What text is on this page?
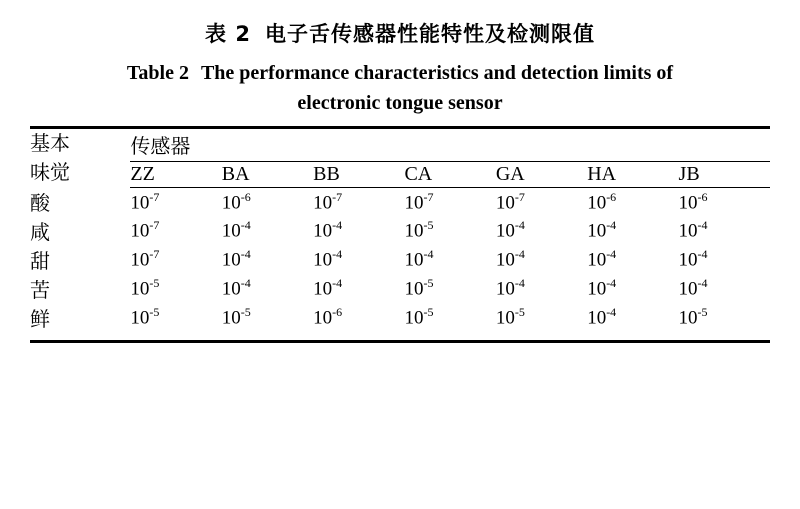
表 2 电子舌传感器性能特性及检测限值
Table 2 The performance characteristics and detection limits of
electronic tongue sensor
基本
味觉	传感器						
	ZZ	BA	BB	CA	GA	HA	JB
酸	$10^{-7}$	$10^{-6}$	$10^{-7}$	$10^{-7}$	$10^{-7}$	$10^{-6}$	$10^{-6}$
咸	$10^{-7}$	$10^{-4}$	$10^{-4}$	$10^{-5}$	$10^{-4}$	$10^{-4}$	$10^{-4}$
甜	$10^{-7}$	$10^{-4}$	$10^{-4}$	$10^{-4}$	$10^{-4}$	$10^{-4}$	$10^{-4}$
苦	$10^{-5}$	$10^{-4}$	$10^{-4}$	$10^{-5}$	$10^{-4}$	$10^{-4}$	$10^{-4}$
鲜	$10^{-5}$	$10^{-5}$	$10^{-6}$	$10^{-5}$	$10^{-5}$	$10^{-4}$	$10^{-5}$
